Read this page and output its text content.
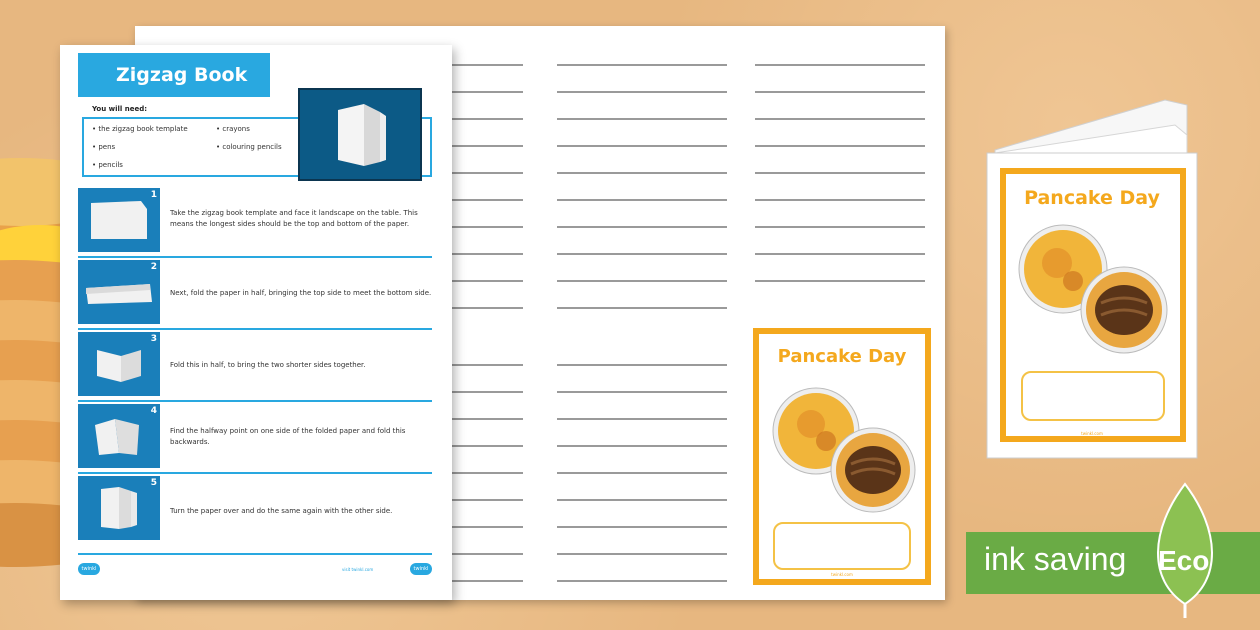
Pancake Day
twinkl.com
Zigzag Book
You will need:
• the zigzag book template	• crayons
• pens	• colouring pencils
• pencils
1
Take the zigzag book template and face it landscape on the table. This means the longest sides should be the top and bottom of the paper.
2
Next, fold the paper in half, bringing the top side to meet the bottom side.
3
Fold this in half, to bring the two shorter sides together.
4
Find the halfway point on one side of the folded paper and fold this backwards.
5
Turn the paper over and do the same again with the other side.
twinkl	twinkl
visit twinkl.com
Pancake Day
twinkl.com
ink saving Eco
